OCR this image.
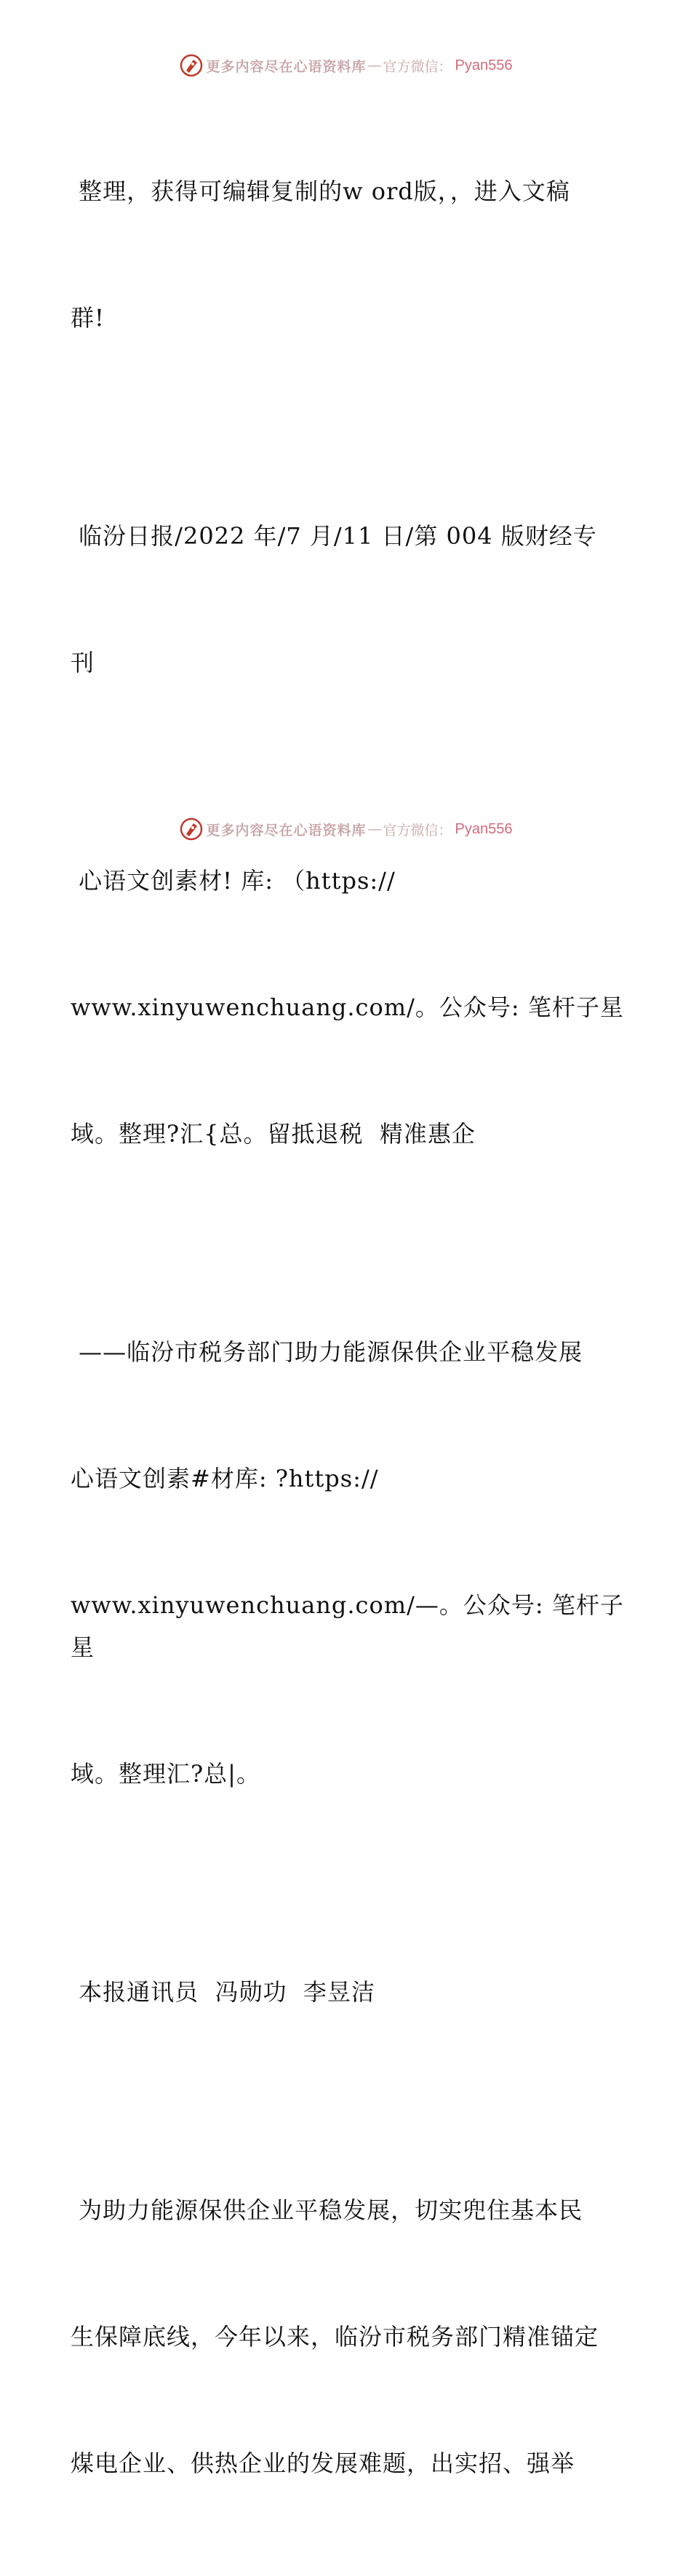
更多内容尽在心语资料库 — 官方微信： Pyan556

整理，获得可编辑复制的w ord版，，进入文稿

群!

临汾日报/2022 年/7 月/11 日/第 004 版财经专

刊

心语文创素材! 库: （https://

www.xinyuwenchuang.com/。公众号: 笔杆子星

域。整理?汇{总。留抵退税  精准惠企

——临汾市税务部门助力能源保供企业平稳发展

心语文创素#材库: ?https://

www.xinyuwenchuang.com/—。公众号: 笔杆子星

域。整理汇?总|。

本报通讯员  冯勋功  李昱洁

为助力能源保供企业平稳发展，切实兜住基本民

生保障底线，今年以来，临汾市税务部门精准锚定

煤电企业、供热企业的发展难题，出实招、强举

更多内容尽在心语资料库 — 官方微信： Pyan556
